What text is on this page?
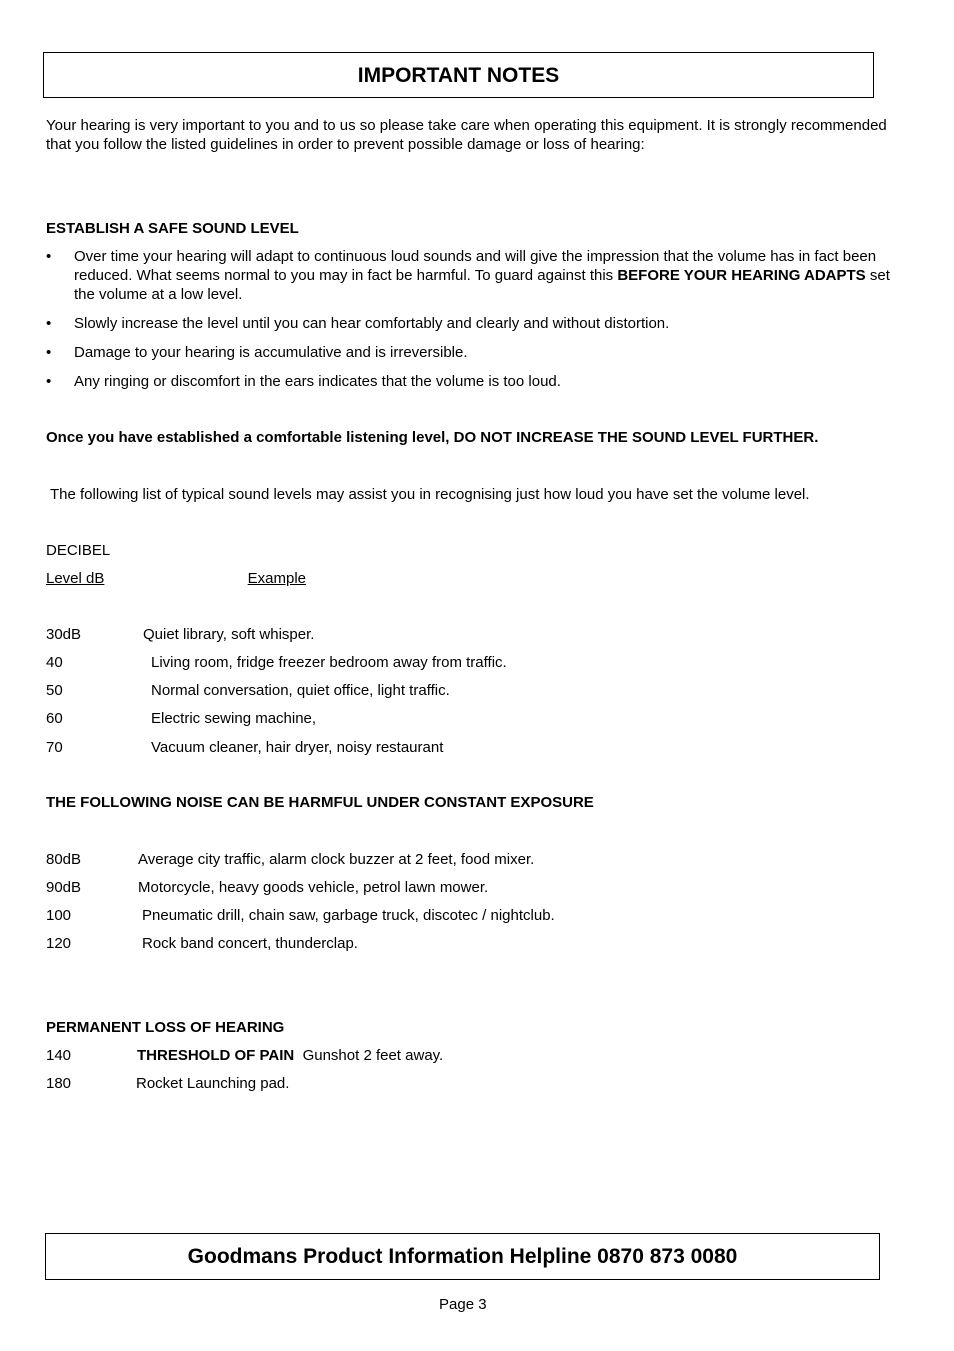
IMPORTANT NOTES
Your hearing is very important to you and to us so please take care when operating this equipment. It is strongly recommended that you follow the listed guidelines in order to prevent possible damage or loss of hearing:
ESTABLISH A SAFE SOUND LEVEL
• Over time your hearing will adapt to continuous loud sounds and will give the impression that the volume has in fact been reduced. What seems normal to you may in fact be harmful. To guard against this BEFORE YOUR HEARING ADAPTS set the volume at a low level.
• Slowly increase the level until you can hear comfortably and clearly and without distortion.
• Damage to your hearing is accumulative and is irreversible.
• Any ringing or discomfort in the ears indicates that the volume is too loud.
Once you have established a comfortable listening level, DO NOT INCREASE THE SOUND LEVEL FURTHER.
The following list of typical sound levels may assist you in recognising just how loud you have set the volume level.
DECIBEL
Level dB	Example
30dB	Quiet library, soft whisper.
40	Living room, fridge freezer bedroom away from traffic.
50	Normal conversation, quiet office, light traffic.
60	Electric sewing machine,
70	Vacuum cleaner, hair dryer, noisy restaurant
THE FOLLOWING NOISE CAN BE HARMFUL UNDER CONSTANT EXPOSURE
80dB	Average city traffic, alarm clock buzzer at 2 feet, food mixer.
90dB	Motorcycle, heavy goods vehicle, petrol lawn mower.
100	Pneumatic drill, chain saw, garbage truck, discotec / nightclub.
120	Rock band concert, thunderclap.
PERMANENT LOSS OF HEARING
140	THRESHOLD OF PAIN Gunshot 2 feet away.
180	Rocket Launching pad.
Goodmans Product Information Helpline 0870 873 0080
Page 3
